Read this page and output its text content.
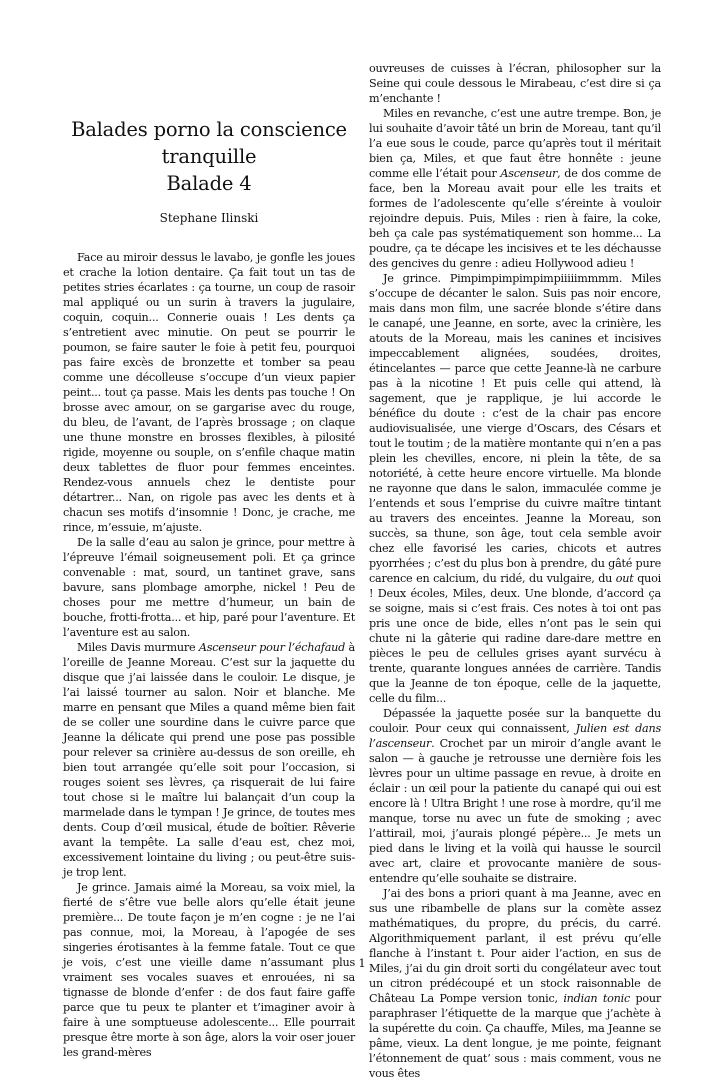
Balades porno la conscience
tranquille
Balade 4
Stephane Ilinski

Face au miroir dessus le lavabo, je gonfle les joues et crache la lotion dentaire. Ça fait tout un tas de petites stries écarlates : ça tourne, un coup de rasoir mal appliqué ou un surin à travers la jugulaire, coquin, coquin... Connerie ouais ! Les dents ça s’entretient avec minutie. On peut se pourrir le poumon, se faire sauter le foie à petit feu, pourquoi pas faire excès de bronzette et tomber sa peau comme une décolleuse s’occupe d’un vieux papier peint... tout ça passe. Mais les dents pas touche ! On brosse avec amour, on se gargarise avec du rouge, du bleu, de l’avant, de l’après brossage ; on claque une thune monstre en brosses flexibles, à pilosité rigide, moyenne ou souple, on s’enfile chaque matin deux tablettes de fluor pour femmes enceintes. Rendez-vous annuels chez le dentiste pour détartrer... Nan, on rigole pas avec les dents et à chacun ses motifs d’insomnie ! Donc, je crache, me rince, m’essuie, m’ajuste.

De la salle d’eau au salon je grince, pour mettre à l’épreuve l’émail soigneusement poli. Et ça grince convenable : mat, sourd, un tantinet grave, sans bavure, sans plombage amorphe, nickel ! Peu de choses pour me mettre d’humeur, un bain de bouche, frotti-frotta... et hip, paré pour l’aventure. Et l’aventure est au salon.

Miles Davis murmure Ascenseur pour l’échafaud à l’oreille de Jeanne Moreau. C’est sur la jaquette du disque que j’ai laissée dans le couloir. Le disque, je l’ai laissé tourner au salon. Noir et blanche. Me marre en pensant que Miles a quand même bien fait de se coller une sourdine dans le cuivre parce que Jeanne la délicate qui prend une pose pas possible pour relever sa crinière au-dessus de son oreille, eh bien tout arrangée qu’elle soit pour l’occasion, si rouges soient ses lèvres, ça risquerait de lui faire tout chose si le maître lui balançait d’un coup la marmelade dans le tympan ! Je grince, de toutes mes dents. Coup d’œil musical, étude de boîtier. Rêverie avant la tempête. La salle d’eau est, chez moi, excessivement lointaine du living ; ou peut-être suis-je trop lent.

Je grince. Jamais aimé la Moreau, sa voix miel, la fierté de s’être vue belle alors qu’elle était jeune première... De toute façon je m’en cogne : je ne l’ai pas connue, moi, la Moreau, à l’apogée de ses singeries érotisantes à la femme fatale. Tout ce que je vois, c’est une vieille dame n’assumant plus vraiment ses vocales suaves et enrouées, ni sa tignasse de blonde d’enfer : de dos faut faire gaffe parce que tu peux te planter et t’imaginer avoir à faire à une somptueuse adolescente... Elle pourrait presque être morte à son âge, alors la voir oser jouer les grand-mères

ouvreuses de cuisses à l’écran, philosopher sur la Seine qui coule dessous le Mirabeau, c’est dire si ça m’enchante !

Miles en revanche, c’est une autre trempe. Bon, je lui souhaite d’avoir tâté un brin de Moreau, tant qu’il l’a eue sous le coude, parce qu’après tout il méritait bien ça, Miles, et que faut être honnête : jeune comme elle l’était pour Ascenseur, de dos comme de face, ben la Moreau avait pour elle les traits et formes de l’adolescente qu’elle s’éreinte à vouloir rejoindre depuis. Puis, Miles : rien à faire, la coke, beh ça cale pas systématiquement son homme... La poudre, ça te décape les incisives et te les déchausse des gencives du genre : adieu Hollywood adieu !

Je grince. Pimpimpimpimpimpiiiiimmmm. Miles s’occupe de décanter le salon. Suis pas noir encore, mais dans mon film, une sacrée blonde s’étire dans le canapé, une Jeanne, en sorte, avec la crinière, les atouts de la Moreau, mais les canines et incisives impeccablement alignées, soudées, droites, étincelantes — parce que cette Jeanne-là ne carbure pas à la nicotine ! Et puis celle qui attend, là sagement, que je rapplique, je lui accorde le bénéfice du doute : c’est de la chair pas encore audiovisualisée, une vierge d’Oscars, des Césars et tout le toutim ; de la matière montante qui n’en a pas plein les chevilles, encore, ni plein la tête, de sa notoriété, à cette heure encore virtuelle. Ma blonde ne rayonne que dans le salon, immaculée comme je l’entends et sous l’emprise du cuivre maître tintant au travers des enceintes. Jeanne la Moreau, son succès, sa thune, son âge, tout cela semble avoir chez elle favorisé les caries, chicots et autres pyorrhées ; c’est du plus bon à prendre, du gâté pure carence en calcium, du ridé, du vulgaire, du out quoi ! Deux écoles, Miles, deux. Une blonde, d’accord ça se soigne, mais si c’est frais. Ces notes à toi ont pas pris une once de bide, elles n’ont pas le sein qui chute ni la gâterie qui radine dare-dare mettre en pièces le peu de cellules grises ayant survécu à trente, quarante longues années de carrière. Tandis que la Jeanne de ton époque, celle de la jaquette, celle du film...

Dépassée la jaquette posée sur la banquette du couloir. Pour ceux qui connaissent, Julien est dans l’ascenseur. Crochet par un miroir d’angle avant le salon — à gauche je retrousse une dernière fois les lèvres pour un ultime passage en revue, à droite en éclair : un œil pour la patiente du canapé qui oui est encore là ! Ultra Bright ! une rose à mordre, qu’il me manque, torse nu avec un fute de smoking ; avec l’attirail, moi, j’aurais plongé pépère... Je mets un pied dans le living et la voilà qui hausse le sourcil avec art, claire et provocante manière de sous-entendre qu’elle souhaite se distraire.

J’ai des bons a priori quant à ma Jeanne, avec en sus une ribambelle de plans sur la comète assez mathématiques, du propre, du précis, du carré. Algorithmiquement parlant, il est prévu qu’elle flanche à l’instant t. Pour aider l’action, en sus de Miles, j’ai du gin droit sorti du congélateur avec tout un citron prédécoupé et un stock raisonnable de Château La Pompe version tonic, indian tonic pour paraphraser l’étiquette de la marque que j’achète à la supérette du coin. Ça chauffe, Miles, ma Jeanne se pâme, vieux. La dent longue, je me pointe, feignant l’étonnement de quat’ sous : mais comment, vous ne vous êtes

1
